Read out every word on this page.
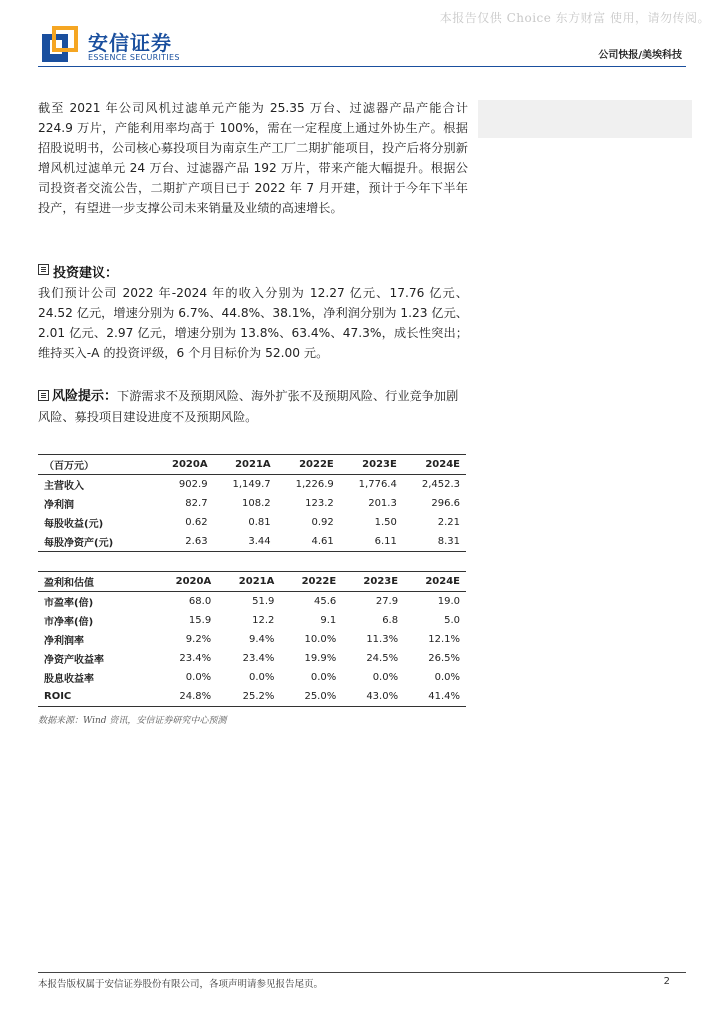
本报告仅供 Choice 东方财富 使用，请勿传阅。
安信证券
ESSENCE SECURITIES	公司快报/美埃科技
截至 2021 年公司风机过滤单元产能为 25.35 万台、过滤器产品产能合计 224.9 万片，产能利用率均高于 100%，需在一定程度上通过外协生产。根据招股说明书，公司核心募投项目为南京生产工厂二期扩能项目，投产后将分别新增风机过滤单元 24 万台、过滤器产品 192 万片，带来产能大幅提升。根据公司投资者交流公告，二期扩产项目已于 2022 年 7 月开建，预计于今年下半年投产，有望进一步支撑公司未来销量及业绩的高速增长。
投资建议：
我们预计公司 2022 年-2024 年的收入分别为 12.27 亿元、17.76 亿元、24.52 亿元，增速分别为 6.7%、44.8%、38.1%，净利润分别为 1.23 亿元、2.01 亿元、2.97 亿元，增速分别为 13.8%、63.4%、47.3%，成长性突出；维持买入-A 的投资评级，6 个月目标价为 52.00 元。
风险提示：下游需求不及预期风险、海外扩张不及预期风险、行业竞争加剧风险、募投项目建设进度不及预期风险。
（百万元）	2020A	2021A	2022E	2023E	2024E
主营收入	902.9	1,149.7	1,226.9	1,776.4	2,452.3
净利润	82.7	108.2	123.2	201.3	296.6
每股收益(元)	0.62	0.81	0.92	1.50	2.21
每股净资产(元)	2.63	3.44	4.61	6.11	8.31
盈利和估值	2020A	2021A	2022E	2023E	2024E
市盈率(倍)	68.0	51.9	45.6	27.9	19.0
市净率(倍)	15.9	12.2	9.1	6.8	5.0
净利润率	9.2%	9.4%	10.0%	11.3%	12.1%
净资产收益率	23.4%	23.4%	19.9%	24.5%	26.5%
股息收益率	0.0%	0.0%	0.0%	0.0%	0.0%
ROIC	24.8%	25.2%	25.0%	43.0%	41.4%
数据来源：Wind 资讯，安信证券研究中心预测
本报告版权属于安信证券股份有限公司，各项声明请参见报告尾页。	2
